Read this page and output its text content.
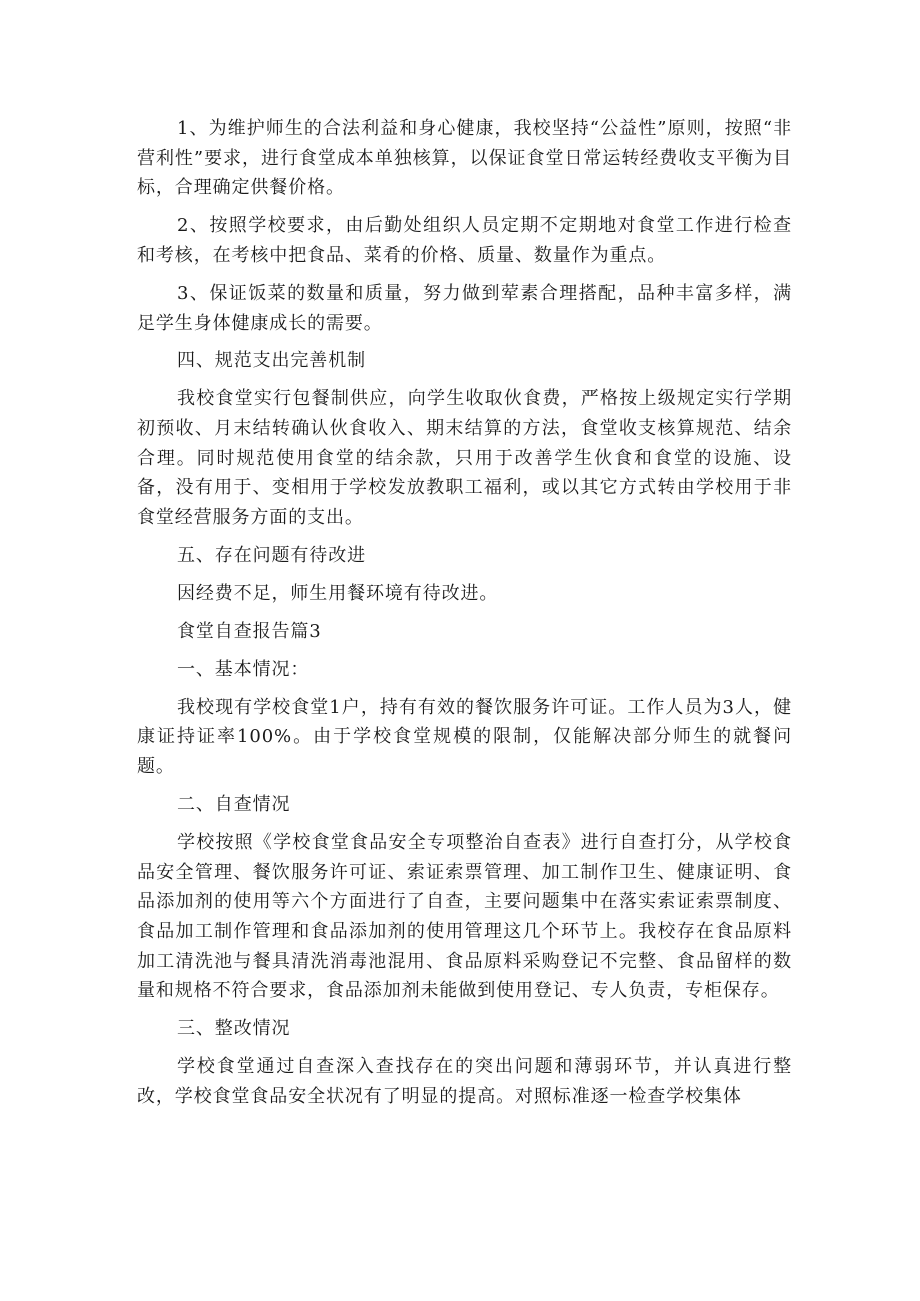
1、为维护师生的合法利益和身心健康，我校坚持“公益性”原则，按照“非营利性”要求，进行食堂成本单独核算，以保证食堂日常运转经费收支平衡为目标，合理确定供餐价格。

2、按照学校要求，由后勤处组织人员定期不定期地对食堂工作进行检查和考核，在考核中把食品、菜肴的价格、质量、数量作为重点。

3、保证饭菜的数量和质量，努力做到荤素合理搭配，品种丰富多样，满足学生身体健康成长的需要。

四、规范支出完善机制

我校食堂实行包餐制供应，向学生收取伙食费，严格按上级规定实行学期初预收、月末结转确认伙食收入、期末结算的方法，食堂收支核算规范、结余合理。同时规范使用食堂的结余款，只用于改善学生伙食和食堂的设施、设备，没有用于、变相用于学校发放教职工福利，或以其它方式转由学校用于非食堂经营服务方面的支出。

五、存在问题有待改进

因经费不足，师生用餐环境有待改进。

食堂自查报告篇3

一、基本情况：

我校现有学校食堂1户，持有有效的餐饮服务许可证。工作人员为3人，健康证持证率100%。由于学校食堂规模的限制，仅能解决部分师生的就餐问题。

二、自查情况

学校按照《学校食堂食品安全专项整治自查表》进行自查打分，从学校食品安全管理、餐饮服务许可证、索证索票管理、加工制作卫生、健康证明、食品添加剂的使用等六个方面进行了自查，主要问题集中在落实索证索票制度、食品加工制作管理和食品添加剂的使用管理这几个环节上。我校存在食品原料加工清洗池与餐具清洗消毒池混用、食品原料采购登记不完整、食品留样的数量和规格不符合要求，食品添加剂未能做到使用登记、专人负责，专柜保存。

三、整改情况

学校食堂通过自查深入查找存在的突出问题和薄弱环节，并认真进行整改，学校食堂食品安全状况有了明显的提高。对照标准逐一检查学校集体
